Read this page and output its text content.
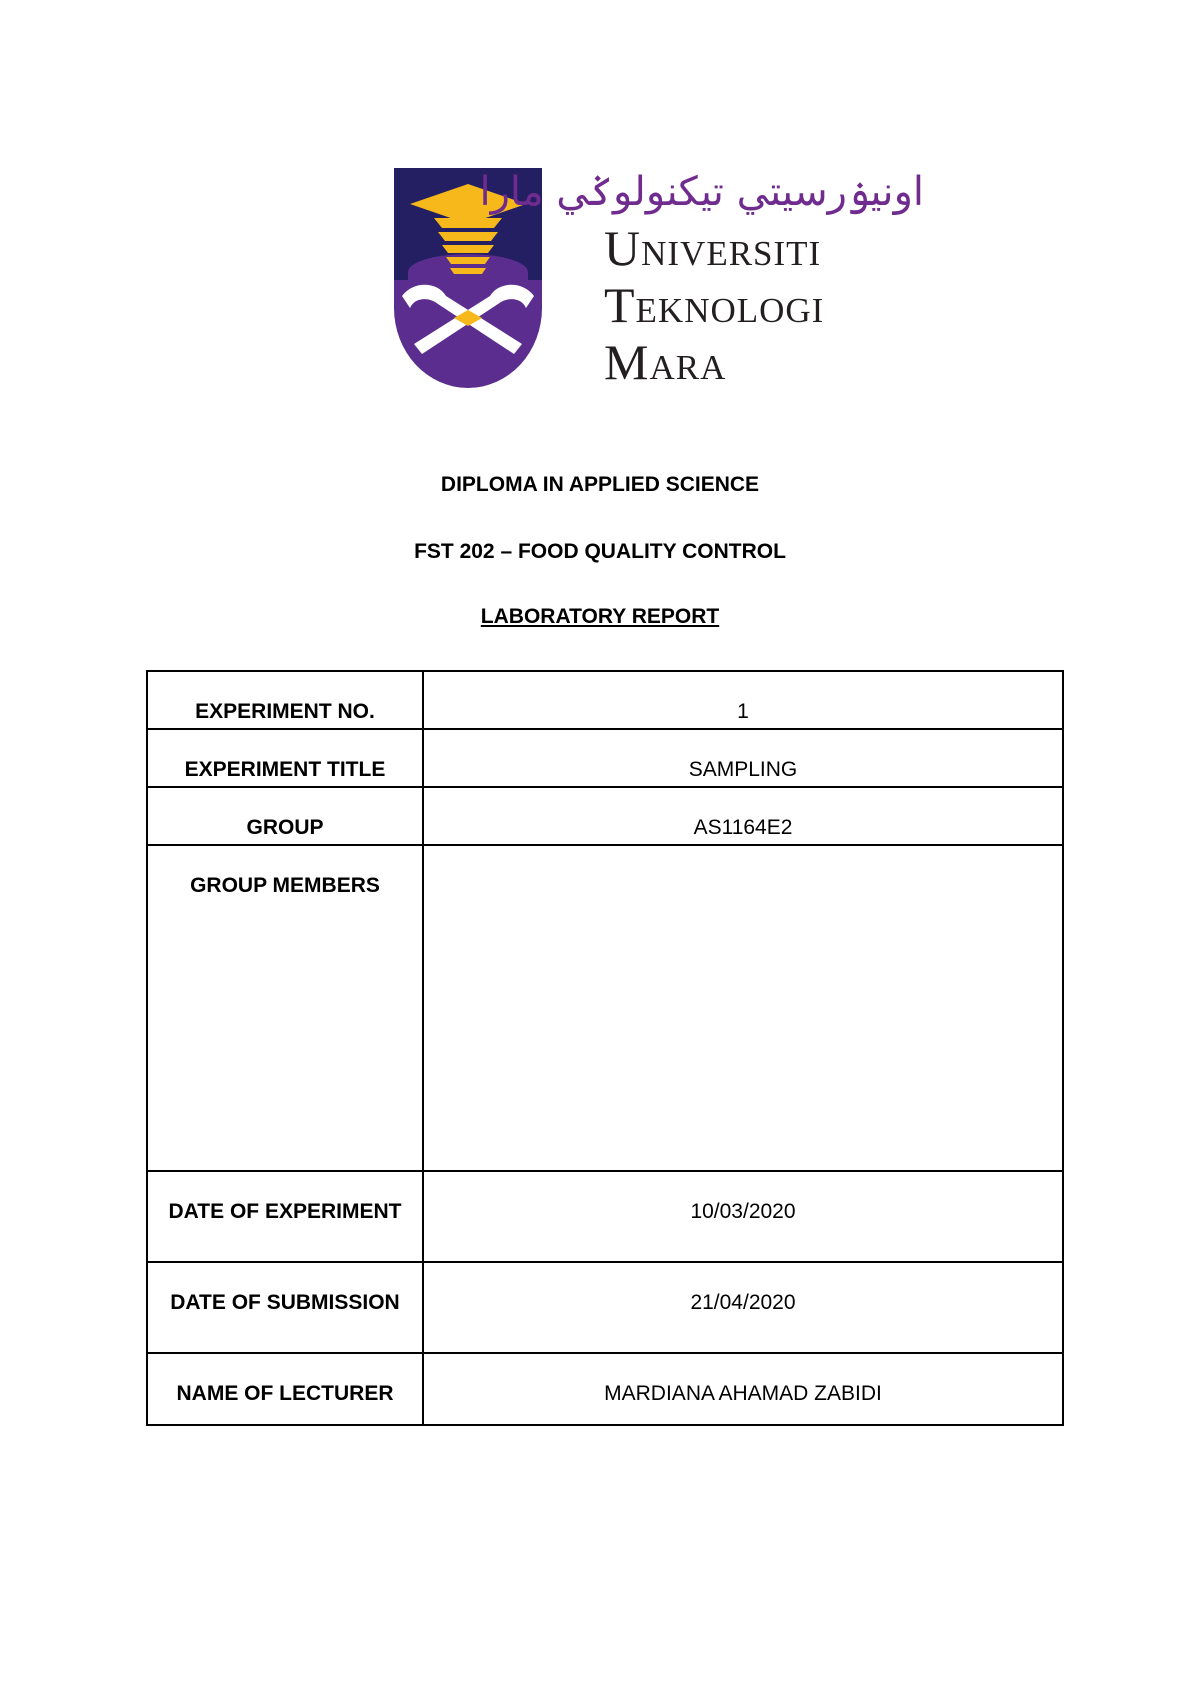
اونيۏرسيتي تيكنولوݢي مارا
Universiti
Teknologi
Mara
DIPLOMA IN APPLIED SCIENCE
FST 202 – FOOD QUALITY CONTROL
LABORATORY REPORT
EXPERIMENT NO.	1

EXPERIMENT TITLE	SAMPLING

GROUP	AS1164E2

GROUP MEMBERS	

DATE OF EXPERIMENT	10/03/2020

DATE OF SUBMISSION	21/04/2020

NAME OF LECTURER	MARDIANA AHAMAD ZABIDI
